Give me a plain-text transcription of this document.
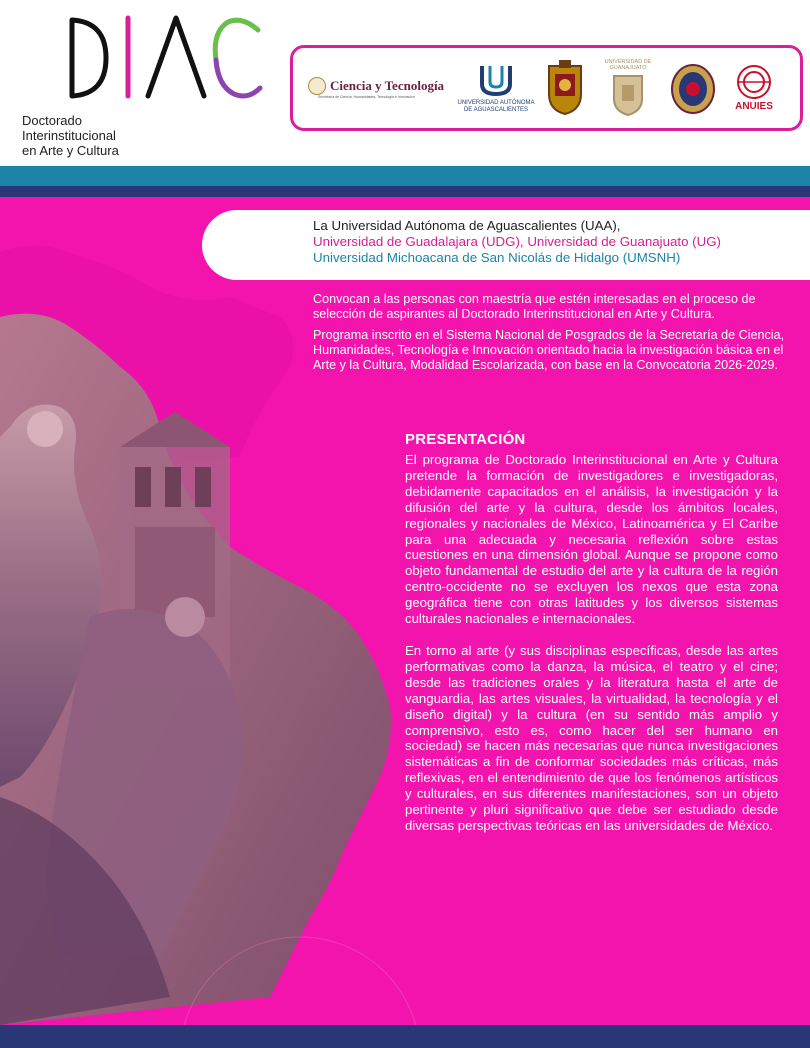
Doctorado
Interinstitucional
en Arte y Cultura
Ciencia y Tecnología
Secretaría de Ciencia, Humanidades, Tecnología e Innovación
UNIVERSIDAD AUTÓNOMA
DE AGUASCALIENTES
UNIVERSIDAD DE
GUANAJUATO
ANUIES
La Universidad Autónoma de Aguascalientes (UAA),
Universidad de Guadalajara (UDG), Universidad de Guanajuato (UG)
Universidad Michoacana de San Nicolás de Hidalgo (UMSNH)

Convocan a las personas con maestría que estén interesadas en el proceso de selección de aspirantes al Doctorado Interinstitucional en Arte y Cultura.

Programa inscrito en el Sistema Nacional de Posgrados de la Secretaría de Ciencia, Humanidades, Tecnología e Innovación orientado hacia la investigación básica en el Arte y la Cultura, Modalidad Escolarizada, con base en la Convocatoria 2026-2029.

PRESENTACIÓN

El programa de Doctorado Interinstitucional en Arte y Cultura pretende la formación de investigadores e investigadoras, debidamente capacitados en el análisis, la investigación y la difusión del arte y la cultura, desde los ámbitos locales, regionales y nacionales de México, Latinoamérica y El Caribe para una adecuada y necesaria reflexión sobre estas cuestiones en una dimensión global. Aunque se propone como objeto fundamental de estudio del arte y la cultura de la región centro-occidente no se excluyen los nexos que esta zona geográfica tiene con otras latitudes y los diversos sistemas culturales nacionales e internacionales.

En torno al arte (y sus disciplinas específicas, desde las artes performativas como la danza, la música, el teatro y el cine; desde las tradiciones orales y la literatura hasta el arte de vanguardia, las artes visuales, la virtualidad, la tecnología y el diseño digital) y la cultura (en su sentido más amplio y comprensivo, esto es, como hacer del ser humano en sociedad) se hacen más necesarias que nunca investigaciones sistemáticas a fin de conformar sociedades más críticas, más reflexivas, en el entendimiento de que los fenómenos artísticos y culturales, en sus diferentes manifestaciones, son un objeto pertinente y pluri significativo que debe ser estudiado desde diversas perspectivas teóricas en las universidades de México.
